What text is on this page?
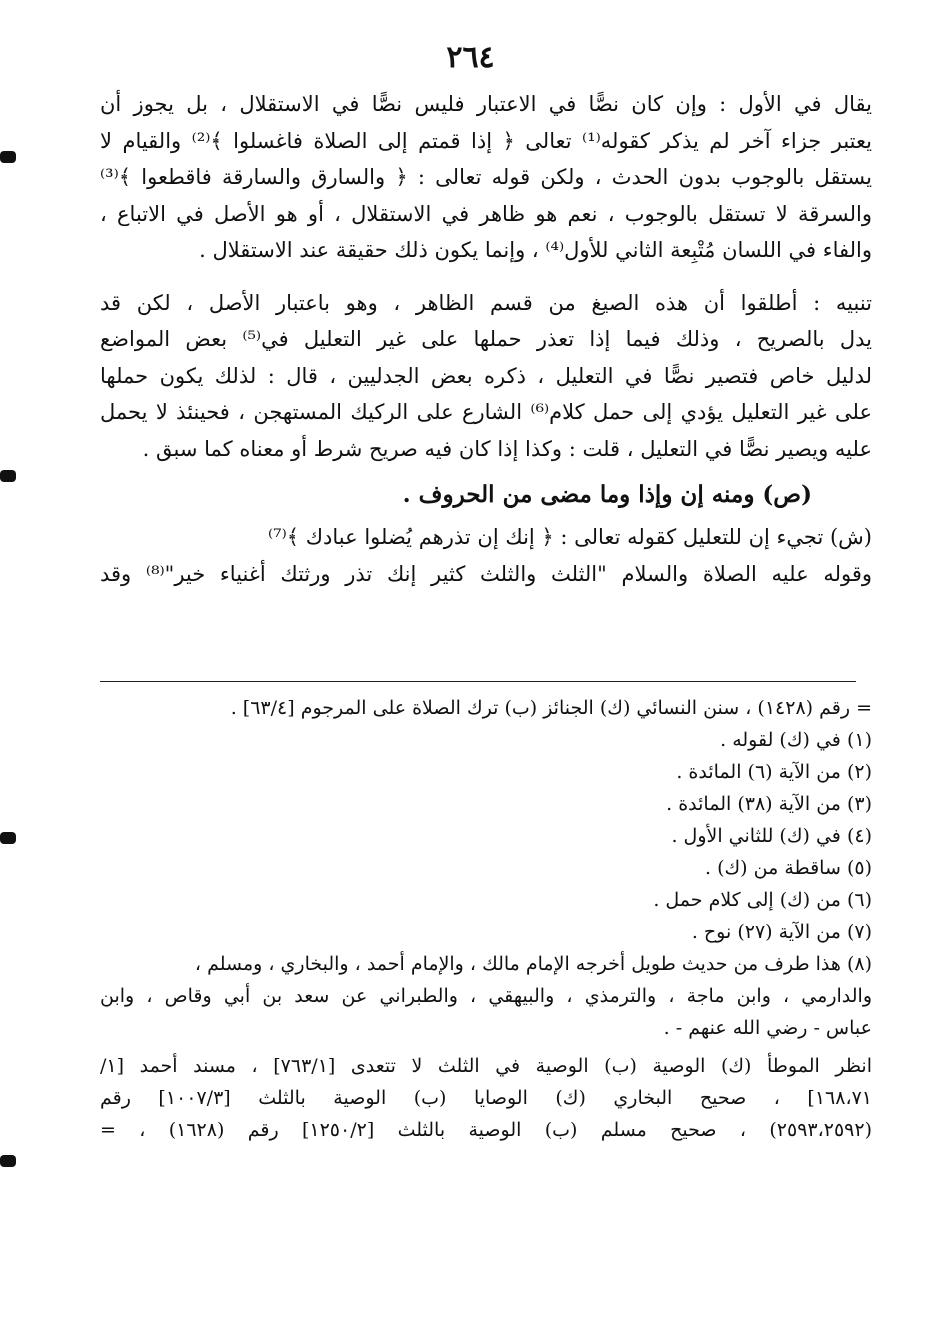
٢٦٤
يقال في الأول : وإن كان نصًّا في الاعتبار فليس نصًّا في الاستقلال ، بل يجوز أن
يعتبر جزاء آخر لم يذكر كقوله⁽¹⁾ تعالى ﴿ إذا قمتم إلى الصلاة فاغسلوا ﴾⁽²⁾ والقيام لا
يستقل بالوجوب بدون الحدث ، ولكن قوله تعالى : ﴿ والسارق والسارقة فاقطعوا ﴾⁽³⁾
والسرقة لا تستقل بالوجوب ، نعم هو ظاهر في الاستقلال ، أو هو الأصل في الاتباع ،
والفاء في اللسان مُتْبِعة الثاني للأول⁽⁴⁾ ، وإنما يكون ذلك حقيقة عند الاستقلال .
تنبيه : أطلقوا أن هذه الصيغ من قسم الظاهر ، وهو باعتبار الأصل ، لكن قد
يدل بالصريح ، وذلك فيما إذا تعذر حملها على غير التعليل في⁽⁵⁾ بعض المواضع
لدليل خاص فتصير نصًّا في التعليل ، ذكره بعض الجدليين ، قال : لذلك يكون حملها
على غير التعليل يؤدي إلى حمل كلام⁽⁶⁾ الشارع على الركيك المستهجن ، فحينئذ لا يحمل
عليه ويصير نصًّا في التعليل ، قلت : وكذا إذا كان فيه صريح شرط أو معناه كما سبق .
(ص) ومنه إن وإذا وما مضى من الحروف .
(ش) تجيء إن للتعليل كقوله تعالى : ﴿ إنك إن تذرهم يُضلوا عبادك ﴾⁽⁷⁾
وقوله عليه الصلاة والسلام "الثلث والثلث كثير إنك تذر ورثتك أغنياء خير"⁽⁸⁾ وقد
= رقم (١٤٢٨) ، سنن النسائي (ك) الجنائز (ب) ترك الصلاة على المرجوم [٦٣/٤] .
(١) في (ك) لقوله .
(٢) من الآية (٦) المائدة .
(٣) من الآية (٣٨) المائدة .
(٤) في (ك) للثاني الأول .
(٥) ساقطة من (ك) .
(٦) من (ك) إلى كلام حمل .
(٧) من الآية (٢٧) نوح .
(٨) هذا طرف من حديث طويل أخرجه الإمام مالك ، والإمام أحمد ، والبخاري ، ومسلم ،
والدارمي ، وابن ماجة ، والترمذي ، والبيهقي ، والطبراني عن سعد بن أبي وقاص ، وابن
عباس - رضي الله عنهم - .
انظر الموطأ (ك) الوصية (ب) الوصية في الثلث لا تتعدى [٧٦٣/١] ، مسند أحمد [١/
١٦٨،٧١] ، صحيح البخاري (ك) الوصايا (ب) الوصية بالثلث [١٠٠٧/٣] رقم
(٢٥٩٣،٢٥٩٢) ، صحيح مسلم (ب) الوصية بالثلث [١٢٥٠/٢] رقم (١٦٢٨) ، =
